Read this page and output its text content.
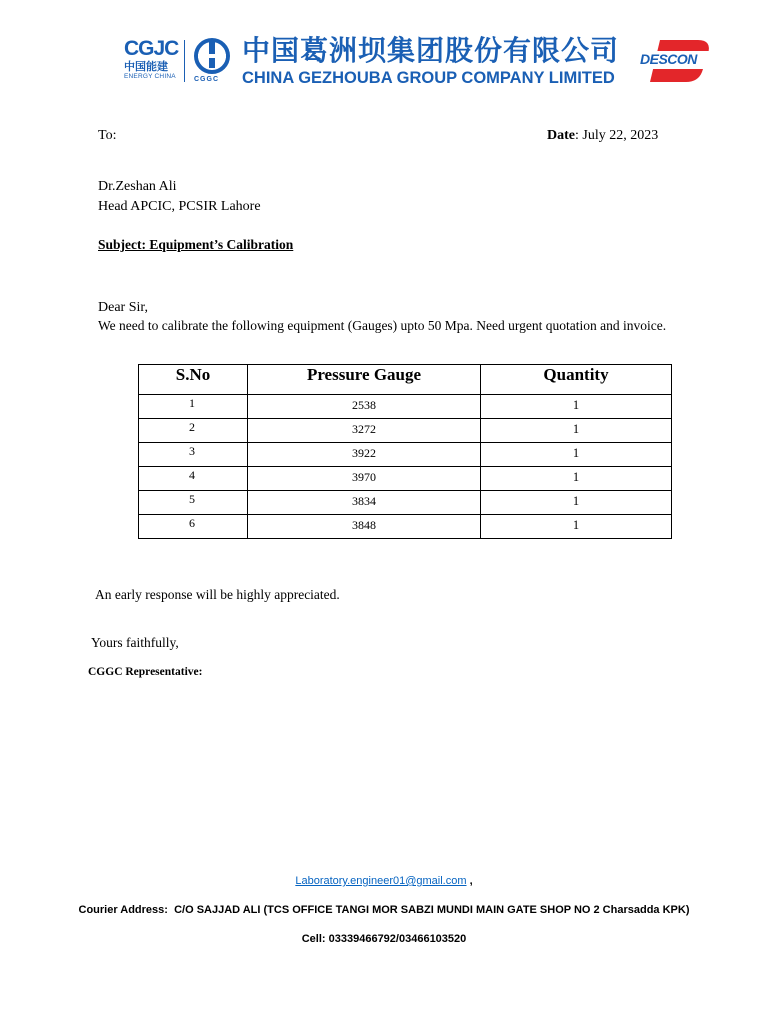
CGJC
中国能建
ENERGY CHINA	CGGC
中国葛洲坝集团股份有限公司
CHINA GEZHOUBA GROUP COMPANY LIMITED
DESCON
To:	Date: July 22, 2023
Dr.Zeshan Ali
Head APCIC, PCSIR Lahore
Subject: Equipment’s Calibration
Dear Sir,
We need to calibrate the following equipment (Gauges) upto 50 Mpa. Need urgent quotation and invoice.
S.No	Pressure Gauge	Quantity
1	2538	1
2	3272	1
3	3922	1
4	3970	1
5	3834	1
6	3848	1
An early response will be highly appreciated.
Yours faithfully,
CGGC Representative:
Laboratory.engineer01@gmail.com ,
Courier Address: C/O SAJJAD ALI (TCS OFFICE TANGI MOR SABZI MUNDI MAIN GATE SHOP NO 2 Charsadda KPK)
Cell: 03339466792/03466103520
